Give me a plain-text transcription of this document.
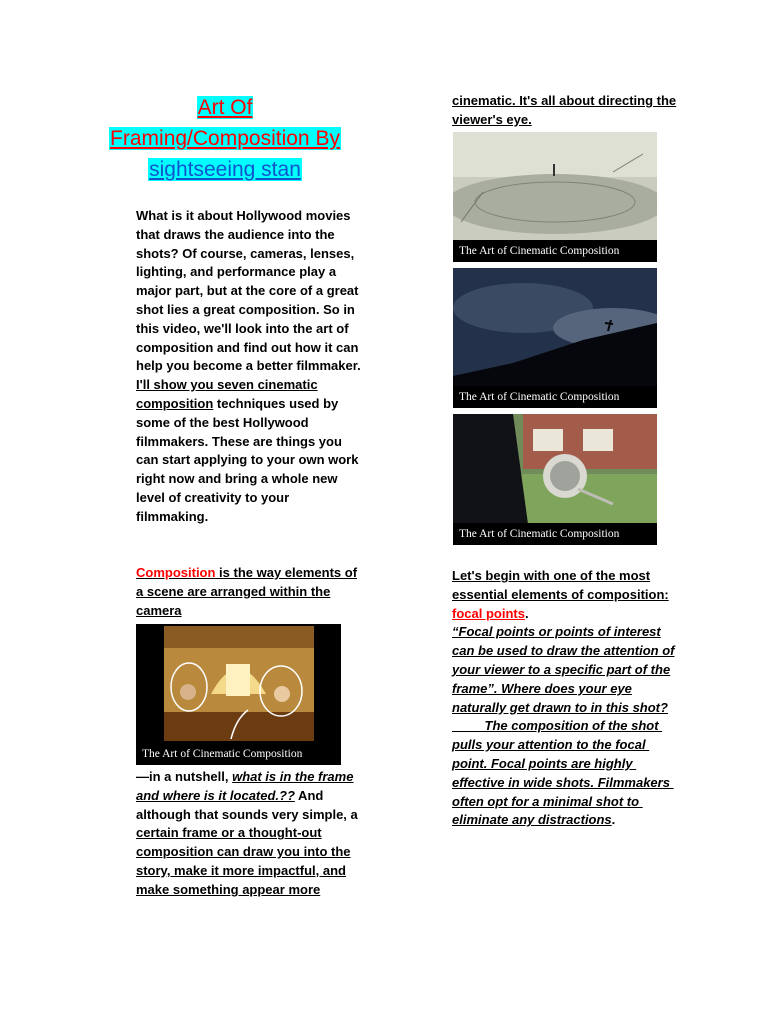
Art Of
Framing/Composition By
sightseeing stan
What is it about Hollywood movies that draws the audience into the shots? Of course, cameras, lenses, lighting, and performance play a major part, but at the core of a great shot lies a great composition. So in this video, we'll look into the art of composition and find out how it can help you become a better filmmaker. I'll show you seven cinematic composition techniques used by some of the best Hollywood filmmakers. These are things you can start applying to your own work right now and bring a whole new level of creativity to your filmmaking.
Composition is the way elements of a scene are arranged within the camera
The Art of Cinematic Composition
—in a nutshell, what is in the frame and where is it located.?? And although that sounds very simple, a certain frame or a thought-out composition can draw you into the story, make it more impactful, and make something appear more
cinematic. It's all about directing the viewer's eye.
The Art of Cinematic Composition
The Art of Cinematic Composition
The Art of Cinematic Composition
Let's begin with one of the most essential elements of composition: focal points.
“Focal points or points of interest can be used to draw the attention of your viewer to a specific part of the frame”. Where does your eye naturally get drawn to in this shot?
The composition of the shot pulls your attention to the focal point. Focal points are highly effective in wide shots. Filmmakers often opt for a minimal shot to eliminate any distractions.
